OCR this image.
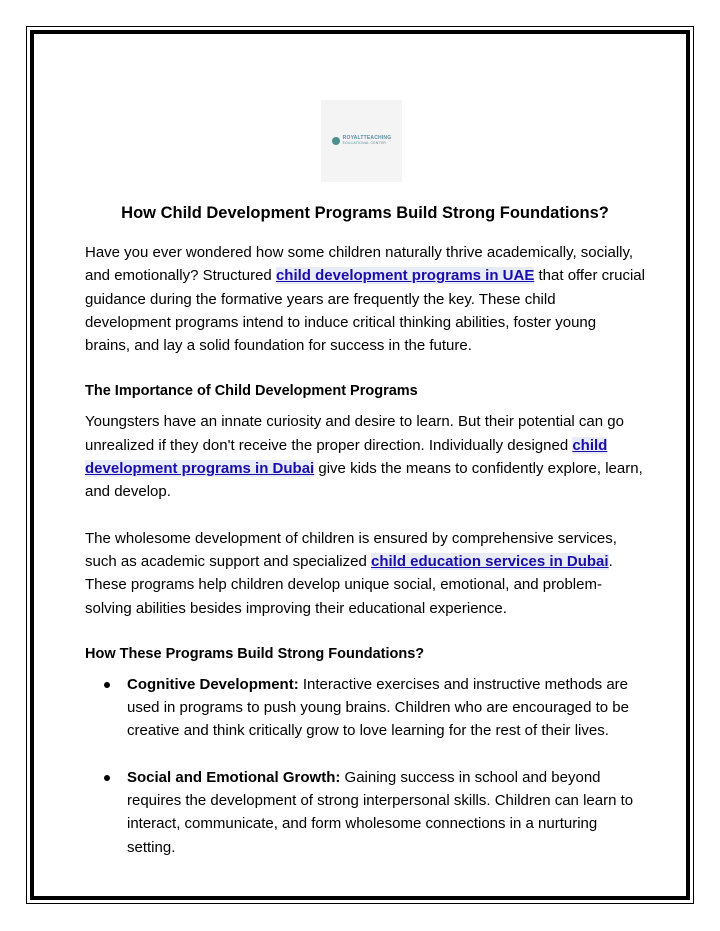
ROYALTTEACHING
EDUCATIONAL CENTER
How Child Development Programs Build Strong Foundations?

Have you ever wondered how some children naturally thrive academically, socially, and emotionally? Structured child development programs in UAE that offer crucial guidance during the formative years are frequently the key. These child development programs intend to induce critical thinking abilities, foster young brains, and lay a solid foundation for success in the future.

The Importance of Child Development Programs

Youngsters have an innate curiosity and desire to learn. But their potential can go unrealized if they don't receive the proper direction. Individually designed child development programs in Dubai give kids the means to confidently explore, learn, and develop.

The wholesome development of children is ensured by comprehensive services, such as academic support and specialized child education services in Dubai. These programs help children develop unique social, emotional, and problem-solving abilities besides improving their educational experience.

How These Programs Build Strong Foundations?
Cognitive Development: Interactive exercises and instructive methods are used in programs to push young brains. Children who are encouraged to be creative and think critically grow to love learning for the rest of their lives.
Social and Emotional Growth: Gaining success in school and beyond requires the development of strong interpersonal skills. Children can learn to interact, communicate, and form wholesome connections in a nurturing setting.
